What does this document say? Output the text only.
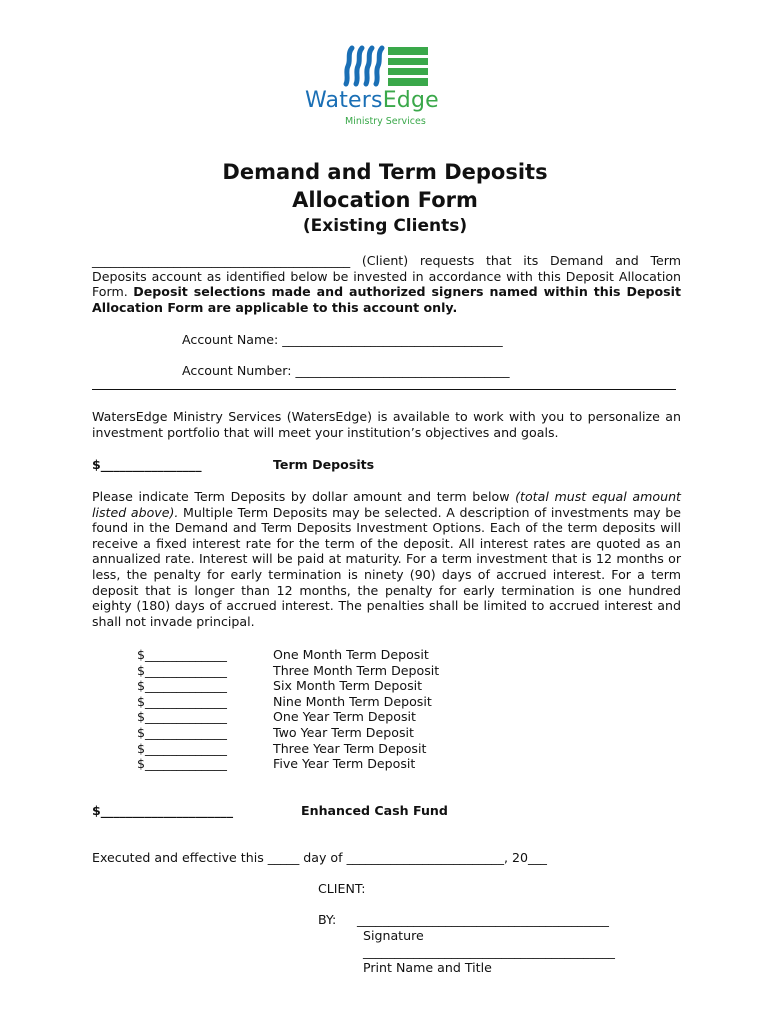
WatersEdge
Ministry Services
Demand and Term Deposits
Allocation Form
(Existing Clients)
_________________________________________ (Client) requests that its Demand and Term Deposits account as identified below be invested in accordance with this Deposit Allocation Form. Deposit selections made and authorized signers named within this Deposit Allocation Form are applicable to this account only.
Account Name: ___________________________________
Account Number: __________________________________
WatersEdge Ministry Services (WatersEdge) is available to work with you to personalize an investment portfolio that will meet your institution’s objectives and goals.
$________________	Term Deposits
Please indicate Term Deposits by dollar amount and term below (total must equal amount listed above). Multiple Term Deposits may be selected. A description of investments may be found in the Demand and Term Deposits Investment Options. Each of the term deposits will receive a fixed interest rate for the term of the deposit. All interest rates are quoted as an annualized rate. Interest will be paid at maturity. For a term investment that is 12 months or less, the penalty for early termination is ninety (90) days of accrued interest. For a term deposit that is longer than 12 months, the penalty for early termination is one hundred eighty (180) days of accrued interest. The penalties shall be limited to accrued interest and shall not invade principal.
$_____________	One Month Term Deposit
$_____________	Three Month Term Deposit
$_____________	Six Month Term Deposit
$_____________	Nine Month Term Deposit
$_____________	One Year Term Deposit
$_____________	Two Year Term Deposit
$_____________	Three Year Term Deposit
$_____________	Five Year Term Deposit
$_____________________	Enhanced Cash Fund
Executed and effective this _____ day of _________________________, 20___
CLIENT:
BY: ________________________________________
Signature
________________________________________
Print Name and Title
